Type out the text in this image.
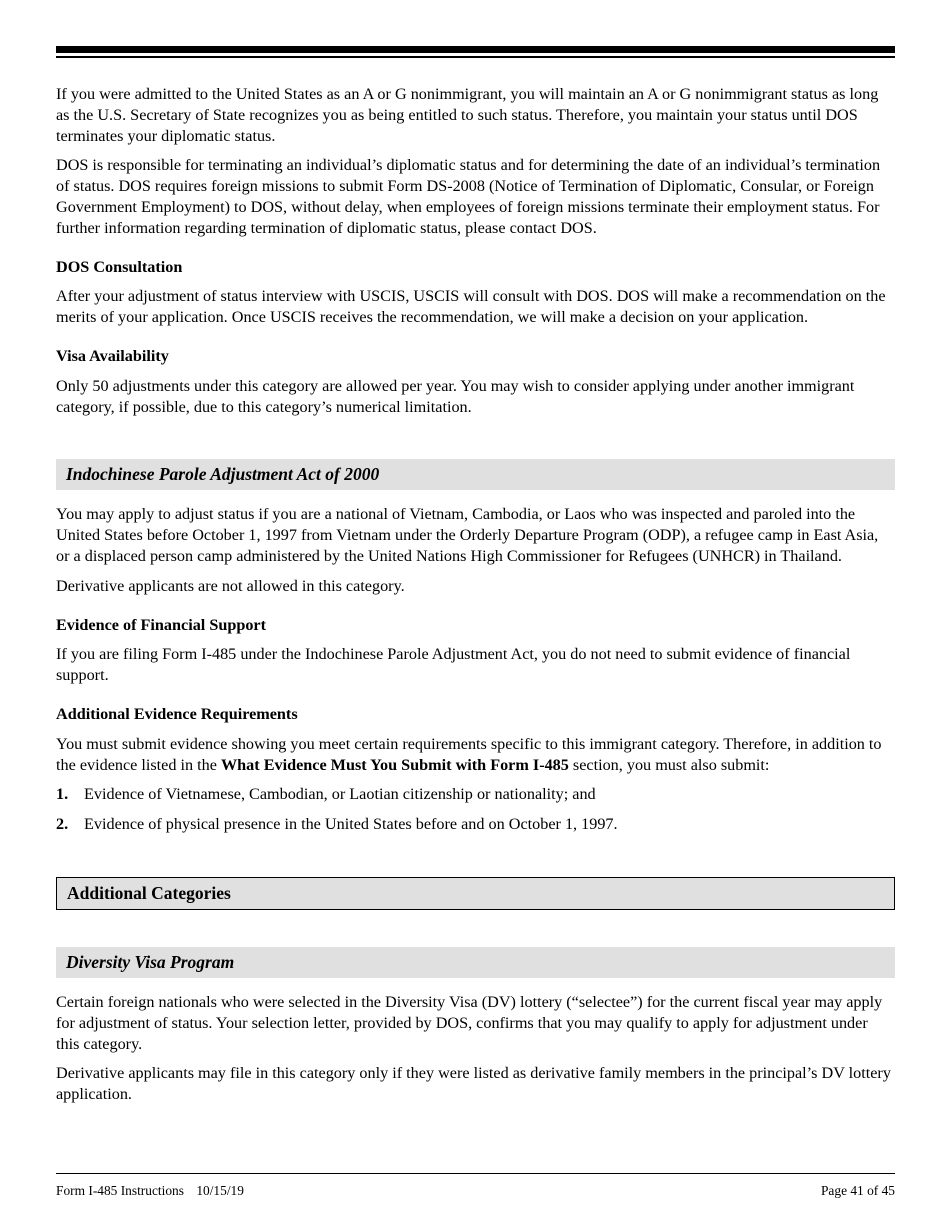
If you were admitted to the United States as an A or G nonimmigrant, you will maintain an A or G nonimmigrant status as long as the U.S. Secretary of State recognizes you as being entitled to such status. Therefore, you maintain your status until DOS terminates your diplomatic status.

DOS is responsible for terminating an individual’s diplomatic status and for determining the date of an individual’s termination of status. DOS requires foreign missions to submit Form DS-2008 (Notice of Termination of Diplomatic, Consular, or Foreign Government Employment) to DOS, without delay, when employees of foreign missions terminate their employment status. For further information regarding termination of diplomatic status, please contact DOS.

DOS Consultation

After your adjustment of status interview with USCIS, USCIS will consult with DOS. DOS will make a recommendation on the merits of your application. Once USCIS receives the recommendation, we will make a decision on your application.

Visa Availability

Only 50 adjustments under this category are allowed per year. You may wish to consider applying under another immigrant category, if possible, due to this category’s numerical limitation.

Indochinese Parole Adjustment Act of 2000

You may apply to adjust status if you are a national of Vietnam, Cambodia, or Laos who was inspected and paroled into the United States before October 1, 1997 from Vietnam under the Orderly Departure Program (ODP), a refugee camp in East Asia, or a displaced person camp administered by the United Nations High Commissioner for Refugees (UNHCR) in Thailand.

Derivative applicants are not allowed in this category.

Evidence of Financial Support

If you are filing Form I-485 under the Indochinese Parole Adjustment Act, you do not need to submit evidence of financial support.

Additional Evidence Requirements

You must submit evidence showing you meet certain requirements specific to this immigrant category. Therefore, in addition to the evidence listed in the What Evidence Must You Submit with Form I-485 section, you must also submit:

1. Evidence of Vietnamese, Cambodian, or Laotian citizenship or nationality; and
2. Evidence of physical presence in the United States before and on October 1, 1997.
Additional Categories
Diversity Visa Program

Certain foreign nationals who were selected in the Diversity Visa (DV) lottery (“selectee”) for the current fiscal year may apply for adjustment of status. Your selection letter, provided by DOS, confirms that you may qualify to apply for adjustment under this category.

Derivative applicants may file in this category only if they were listed as derivative family members in the principal’s DV lottery application.

Form I-485 Instructions 10/15/19	Page 41 of 45
